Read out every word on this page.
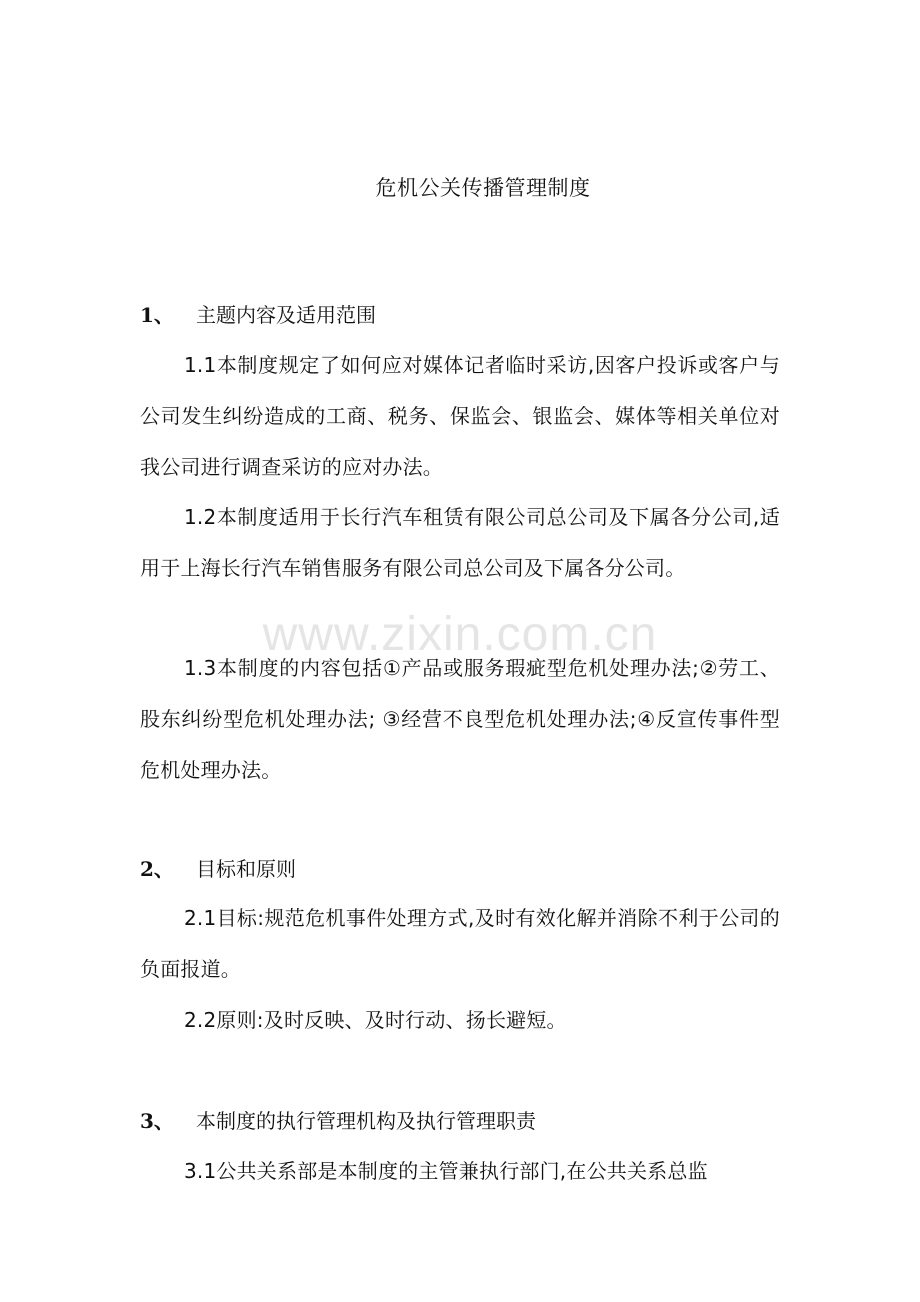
危机公关传播管理制度
1、 主题内容及适用范围

1.1本制度规定了如何应对媒体记者临时采访,因客户投诉或客户与公司发生纠纷造成的工商、税务、保监会、银监会、媒体等相关单位对我公司进行调查采访的应对办法。

1.2本制度适用于长行汽车租赁有限公司总公司及下属各分公司,适用于上海长行汽车销售服务有限公司总公司及下属各分公司。

1.3本制度的内容包括①产品或服务瑕疵型危机处理办法;②劳工、股东纠纷型危机处理办法; ③经营不良型危机处理办法;④反宣传事件型危机处理办法。

2、 目标和原则

2.1目标:规范危机事件处理方式,及时有效化解并消除不利于公司的负面报道。

2.2原则:及时反映、及时行动、扬长避短。

3、 本制度的执行管理机构及执行管理职责

3.1公共关系部是本制度的主管兼执行部门,在公共关系总监

www.zixin.com.cn
